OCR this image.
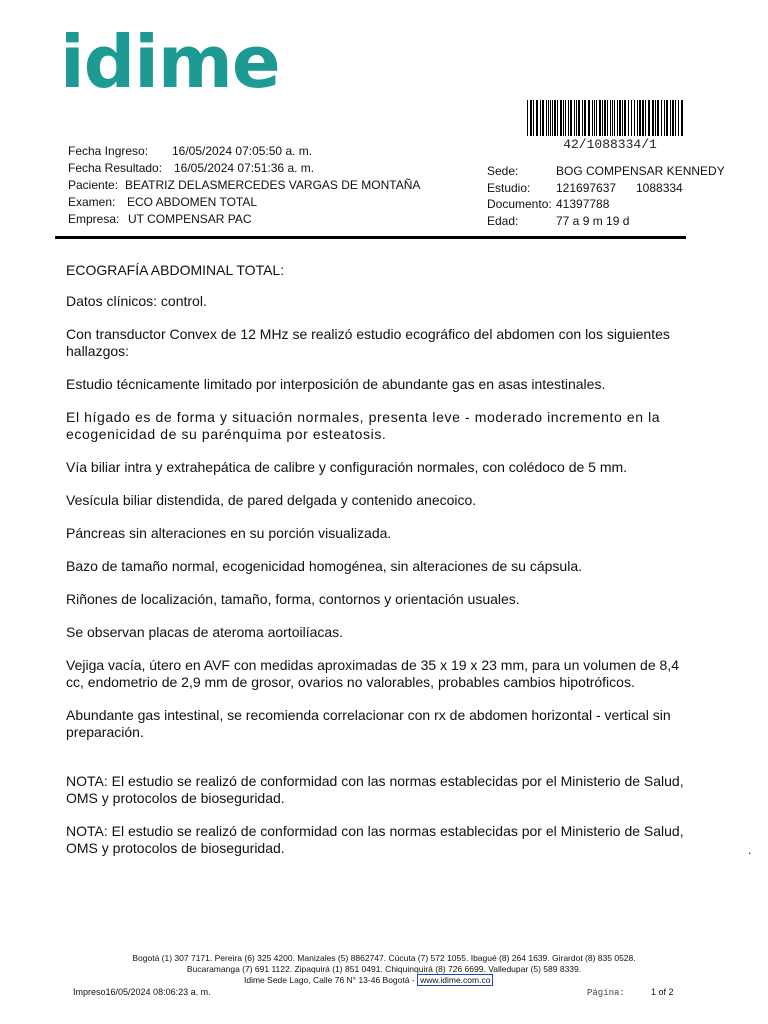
idime
42/1088334/1
Fecha Ingreso: 16/05/2024 07:05:50 a. m.
Fecha Resultado: 16/05/2024 07:51:36 a. m.
Paciente: BEATRIZ DELASMERCEDES VARGAS DE MONTAÑA
Examen: ECO ABDOMEN TOTAL
Empresa: UT COMPENSAR PAC
Sede:	BOG COMPENSAR KENNEDY
Estudio: 121697637 1088334
Documento: 41397788
Edad:	77 a 9 m 19 d

ECOGRAFÍA ABDOMINAL TOTAL:

Datos clínicos: control.

Con transductor Convex de 12 MHz se realizó estudio ecográfico del abdomen con los siguientes hallazgos:

Estudio técnicamente limitado por interposición de abundante gas en asas intestinales.

El hígado es de forma y situación normales, presenta leve - moderado incremento en la ecogenicidad de su parénquima por esteatosis.

Vía biliar intra y extrahepática de calibre y configuración normales, con colédoco de 5 mm.

Vesícula biliar distendida, de pared delgada y contenido anecoico.

Páncreas sin alteraciones en su porción visualizada.

Bazo de tamaño normal, ecogenicidad homogénea, sin alteraciones de su cápsula.

Riñones de localización, tamaño, forma, contornos y orientación usuales.

Se observan placas de ateroma aortoilíacas.

Vejiga vacía, útero en AVF con medidas aproximadas de 35 x 19 x 23 mm, para un volumen de 8,4 cc, endometrio de 2,9 mm de grosor, ovarios no valorables, probables cambios hipotróficos.

Abundante gas intestinal, se recomienda correlacionar con rx de abdomen horizontal - vertical sin preparación.

NOTA: El estudio se realizó de conformidad con las normas establecidas por el Ministerio de Salud, OMS y protocolos de bioseguridad.

NOTA: El estudio se realizó de conformidad con las normas establecidas por el Ministerio de Salud, OMS y protocolos de bioseguridad.	.
Bogotá (1) 307 7171. Pereira (6) 325 4200. Manizales (5) 8862747. Cúcuta (7) 572 1055. Ibagué (8) 264 1639. Girardot (8) 835 0528.
Bucaramanga (7) 691 1122. Zipaquirá (1) 851 0491. Chiquinquirá (8) 726 6699. Valledupar (5) 589 8339.
Idime Sede Lago, Calle 76 N° 13-46 Bogotá - www.idime.com.co
Impreso16/05/2024 08:06:23 a. m.	Página:	1 of 2
